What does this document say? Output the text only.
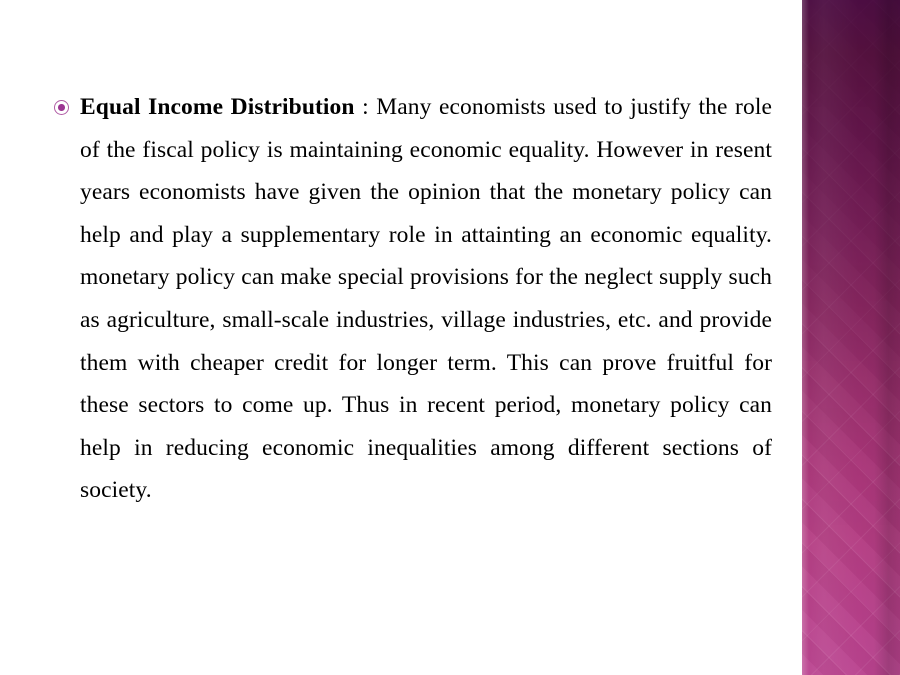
Equal Income Distribution : Many economists used to justify the role of the fiscal policy is maintaining economic equality. However in resent years economists have given the opinion that the monetary policy can help and play a supplementary role in attainting an economic equality. monetary policy can make special provisions for the neglect supply such as agriculture, small-scale industries, village industries, etc. and provide them with cheaper credit for longer term. This can prove fruitful for these sectors to come up. Thus in recent period, monetary policy can help in reducing economic inequalities among different sections of society.
